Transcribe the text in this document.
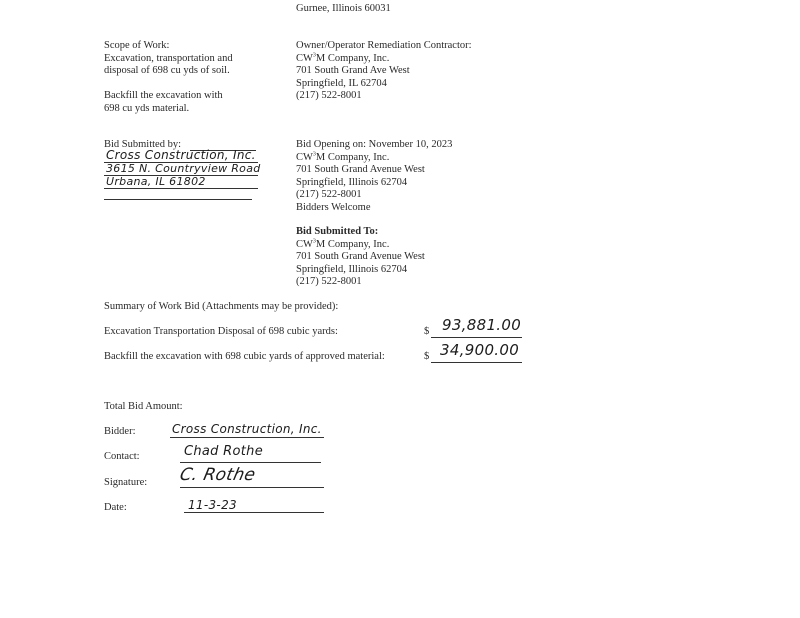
Gurnee, Illinois 60031
Scope of Work:
Excavation, transportation and
disposal of 698 cu yds of soil.
Backfill the excavation with
698 cu yds material.
Owner/Operator Remediation Contractor:
$CW^3M$ Company, Inc.
701 South Grand Ave West
Springfield, IL 62704
(217) 522-8001
Bid Submitted by:
Cross Construction, Inc.
3615 N. Countryview Road
Urbana, IL 61802
Bid Opening on: November 10, 2023
$CW^3M$ Company, Inc.
701 South Grand Avenue West
Springfield, Illinois 62704
(217) 522-8001
Bidders Welcome
Bid Submitted To:
$CW^3M$ Company, Inc.
701 South Grand Avenue West
Springfield, Illinois 62704
(217) 522-8001
Summary of Work Bid (Attachments may be provided):
Excavation Transportation Disposal of 698 cubic yards:	$ 93,881.00
Backfill the excavation with 698 cubic yards of approved material:	$ 34,900.00
Total Bid Amount:
Bidder:	Cross Construction, Inc.
Contact:	Chad Rothe
Signature: C. Rothe
Date:	11-3-23
